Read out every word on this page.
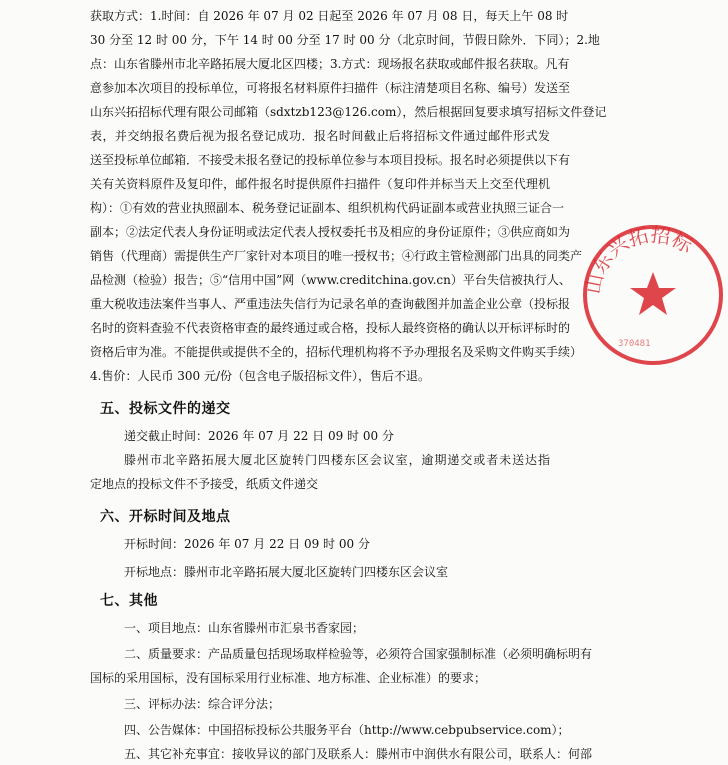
获取方式：1.时间：自 2026 年 07 月 02 日起至 2026 年 07 月 08 日，每天上午 08 时

30 分至 12 时 00 分，下午 14 时 00 分至 17 时 00 分（北京时间，节假日除外．下同）；2.地

点：山东省滕州市北辛路拓展大厦北区四楼；3.方式：现场报名获取或邮件报名获取。凡有

意参加本次项目的投标单位，可将报名材料原件扫描件（标注清楚项目名称、编号）发送至

山东兴拓招标代理有限公司邮箱（sdxtzb123@126.com），然后根据回复要求填写招标文件登记

表，并交纳报名费后视为报名登记成功．报名时间截止后将招标文件通过邮件形式发

送至投标单位邮箱．不接受未报名登记的投标单位参与本项目投标。报名时必须提供以下有

关有关资料原件及复印件，邮件报名时提供原件扫描件（复印件并标当天上交至代理机

构）：①有效的营业执照副本、税务登记证副本、组织机构代码证副本或营业执照三证合一

副本；②法定代表人身份证明或法定代表人授权委托书及相应的身份证原件；③供应商如为

销售（代理商）需提供生产厂家针对本项目的唯一授权书；④行政主管检测部门出具的同类产

品检测（检验）报告；⑤“信用中国”网（www.creditchina.gov.cn）平台失信被执行人、

重大税收违法案件当事人、严重违法失信行为记录名单的查询截图并加盖企业公章（投标报

名时的资料查验不代表资格审查的最终通过或合格，投标人最终资格的确认以开标评标时的

资格后审为准。不能提供或提供不全的，招标代理机构将不予办理报名及采购文件购买手续）

4.售价：人民币 300 元/份（包含电子版招标文件），售后不退。

五、投标文件的递交

递交截止时间：2026 年 07 月 22 日 09 时 00 分

滕州市北辛路拓展大厦北区旋转门四楼东区会议室，逾期递交或者未送达指

定地点的投标文件不予接受，纸质文件递交

六、开标时间及地点

开标时间：2026 年 07 月 22 日 09 时 00 分

开标地点：滕州市北辛路拓展大厦北区旋转门四楼东区会议室

七、其他

一、项目地点：山东省滕州市汇泉书香家园；

二、质量要求：产品质量包括现场取样检验等，必须符合国家强制标准（必须明确标明有

国标的采用国标，没有国标采用行业标准、地方标准、企业标准）的要求；

三、评标办法：综合评分法；

四、公告媒体：中国招标投标公共服务平台（http://www.cebpubservice.com）；

五、其它补充事宜：接收异议的部门及联系人：滕州市中润供水有限公司，联系人：何部

山东兴拓招标
370481
